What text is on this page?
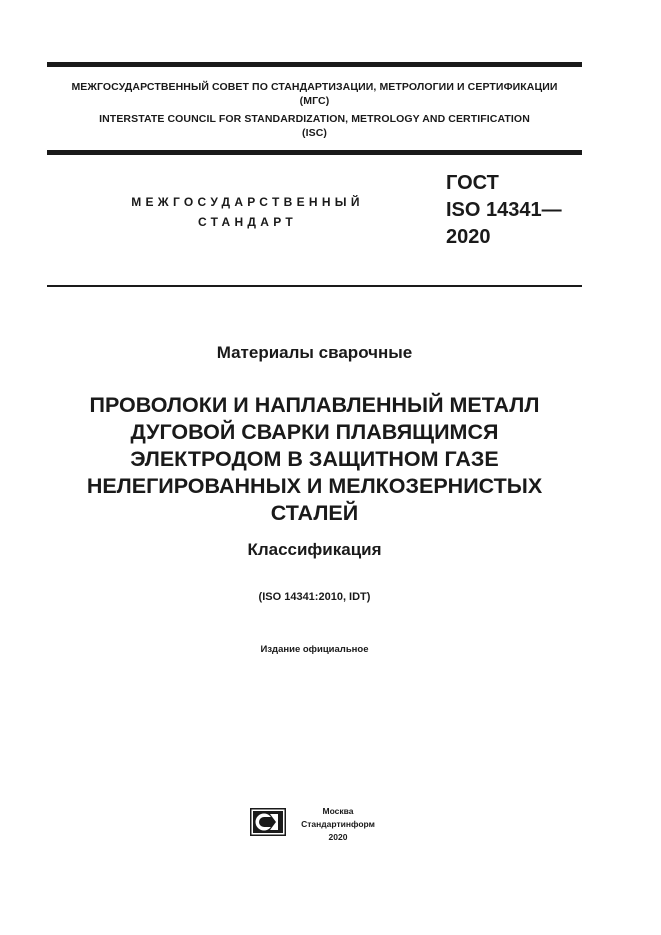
МЕЖГОСУДАРСТВЕННЫЙ СОВЕТ ПО СТАНДАРТИЗАЦИИ, МЕТРОЛОГИИ И СЕРТИФИКАЦИИ
(МГС)
INTERSTATE COUNCIL FOR STANDARDIZATION, METROLOGY AND CERTIFICATION
(ISC)
МЕЖГОСУДАРСТВЕННЫЙ
СТАНДАРТ
ГОСТ
ISO 14341—
2020
Материалы сварочные
ПРОВОЛОКИ И НАПЛАВЛЕННЫЙ МЕТАЛЛ
ДУГОВОЙ СВАРКИ ПЛАВЯЩИМСЯ
ЭЛЕКТРОДОМ В ЗАЩИТНОМ ГАЗЕ
НЕЛЕГИРОВАННЫХ И МЕЛКОЗЕРНИСТЫХ
СТАЛЕЙ
Классификация
(ISO 14341:2010, IDT)
Издание официальное
Москва
Стандартинформ
2020
